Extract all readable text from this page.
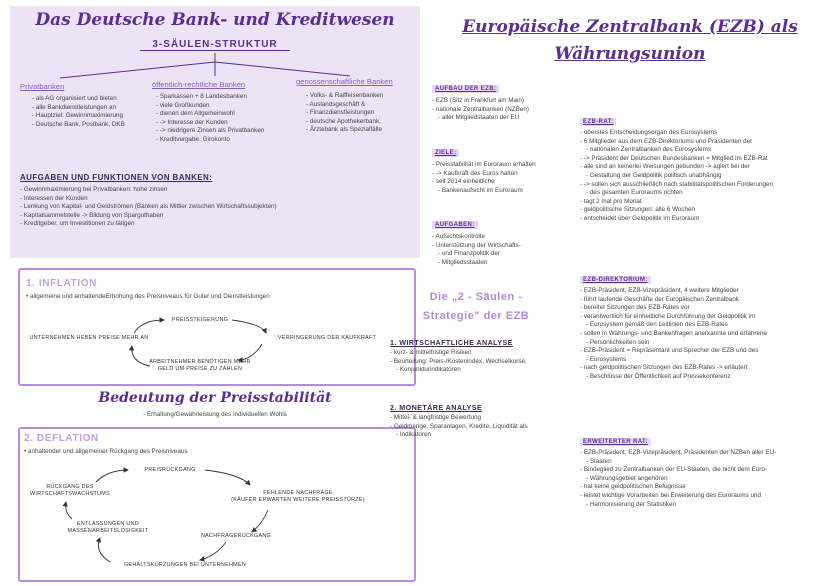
Das Deutsche Bank- und Kreditwesen
3-SÄULEN-STRUKTUR
Privatbanken
- als AG organisiert und bieten
- alle Bankdienstleistungen an
- Hauptziel: Gewinnmaximierung
- Deutsche Bank, Postbank, DKB
öffentlich-rechtliche Banken
- Sparkassen + 8 Landesbanken
- viele Großkunden
- dienen dem Allgemeinwohl
- -> Interesse der Kunden
- -> niedrigere Zinsen als Privatbanken
- Kreditvergabe, Girokonto
genossenschaftliche Banken
- Volks- & Raiffeisenbanken
- Auslandsgeschäft &
- Finanzdienstleistungen
- deutsche Apothekerbank,
- Ärztebank als Spezialfälle
AUFGABEN UND FUNKTIONEN VON BANKEN:
- Gewinnmaximierung bei Privatbanken: hohe zinsen
- Interessen der Kunden
- Lenkung von Kapital- und Geldströmen (Banken als Mittler zwischen Wirtschaftssubjekten)
- Kapitalsammelstelle -> Bildung von Sparguthaben
- Kreditgeber, um Investitionen zu tätigen
1. INFLATION
• allgemeine und anhaltendeErhohung des Preisniveaus für Guter und Dienstleistungen
PREISSTEIGERUNG
VERRINGERUNG DER KAUFKRAFT
UNTERNEHMEN HEBEN PREISE MEHR AN
ARBEITNEHMER BENÖTIGEN MEHR
GELD UM PREISE ZU ZAHLEN
Bedeutung der Preisstabilität
- Erhaltung/Gewährleistung des individuellen Wohls
2. DEFLATION
• anhaltender und allgemeiner Rückgang des Preisniveaus
PREISRÜCKGANG
FEHLENDE NACHFRAGE
(KÄUFER ERWARTEN WEITERE PREISSTÜRZE)
NACHFRAGERÜCKGANG
GEHALTSKÜRZUNGEN BEI UNTERNEHMEN
ENTLASSUNGEN UND
MASSENARBEITSLOSIGKEIT
RÜCKGANG DES
WIRTSCHAFTSWACHSTUMS
Europäische Zentralbank (EZB) als
Währungsunion
AUFBAU DER EZB:
- EZB (Sitz in Frankfurt am Main)
- nationale Zentralbanken (NZBen)
- aller Mitgliedstaaten der EU
ZIELE:
- Preisstabilität im Euroraum erhalten
- -> Kaufkraft des Euros halten
- seit 2014 einheitliche
- Bankenaufsicht im Euroraum
AUFGABEN:
- Aufsichtskontrolle
- Unterstützung der Wirtschafts-
- und Finanzpolitik der
- Mitgliedsstaaten
Die „2 - Säulen -
Strategie" der EZB
1. WIRTSCHAFTLICHE ANALYSE
- kurz- & mittelfristige Risiken
- Beurteilung: Preis-/Kostenindex, Wechselkurse,
- Konjunkturindikatoren
2. MONETÄRE ANALYSE
- Mittel- & langfristige Bewertung
- Geldmenge, Sparanlagen, Kredite, Liquidität als
- Indikatoren
EZB-RAT:
- oberstes Entscheidungsorgan des Eurosystems
- 6 Mitglieder aus dem EZB-Direktoriums und Präsidenten der
- nationalen Zentralbanken des Eurosystems
- -> Präsident der Deutschen Bundesbanken = Mitglied im EZB-Rat
- alle sind an keinerlei Weisungen gebunden -> agiert bei der
- Gestaltung der Geldpolitik politisch unabhängig
- -> sollen sich ausschließlich nach stabilitatspolitischen Forderungen
- des gesamten Euroraums richten
- tagt 2 mal pro Monat
- geldpolitische Sitzungen: alle 6 Wochen
- entscheidet über Geldpolitik im Euroraum
EZB-DIREKTORIUM:
- EZB-Präsident, EZB-Vizepräsident, 4 weitere Mitglieder
- führt laufende Geschäfte der Europäischen Zentralbank
- bereitet Sitzungen des EZB-Rates vor
- verantwortlich für einheitliche Durchführung der Geldpolitik im
- Eurosystem gemäß den Leitlinien des EZB-Rates
- sollen in Währungs- und Bankenfragen anerkannte und erfahrene
- Persönlichkeiten sein
- EZB-Präsident = Repräsentant und Sprecher der EZB und des
- Eurosystems
- nach geldpolitischen Sitzungen des EZB-Rates -> erläutert
- Beschlüsse der Öffentlichkeit auf Pressekonferenz
ERWEITERTER RAT:
- EZB-Präsident, EZB-Vizepräsident, Präsidenten der NZBen aller EU-
- Staaten
- Bindeglied zu Zentralbanken der EU-Staaten, die nicht dem Euro-
- Währungsgebiet angehören
- hat keine geldpolitischen Befugnisse
- leistet wichtige Vorarbeiten bei Erweiterung des Euroraums und
- Harmonisierung der Statistiken
